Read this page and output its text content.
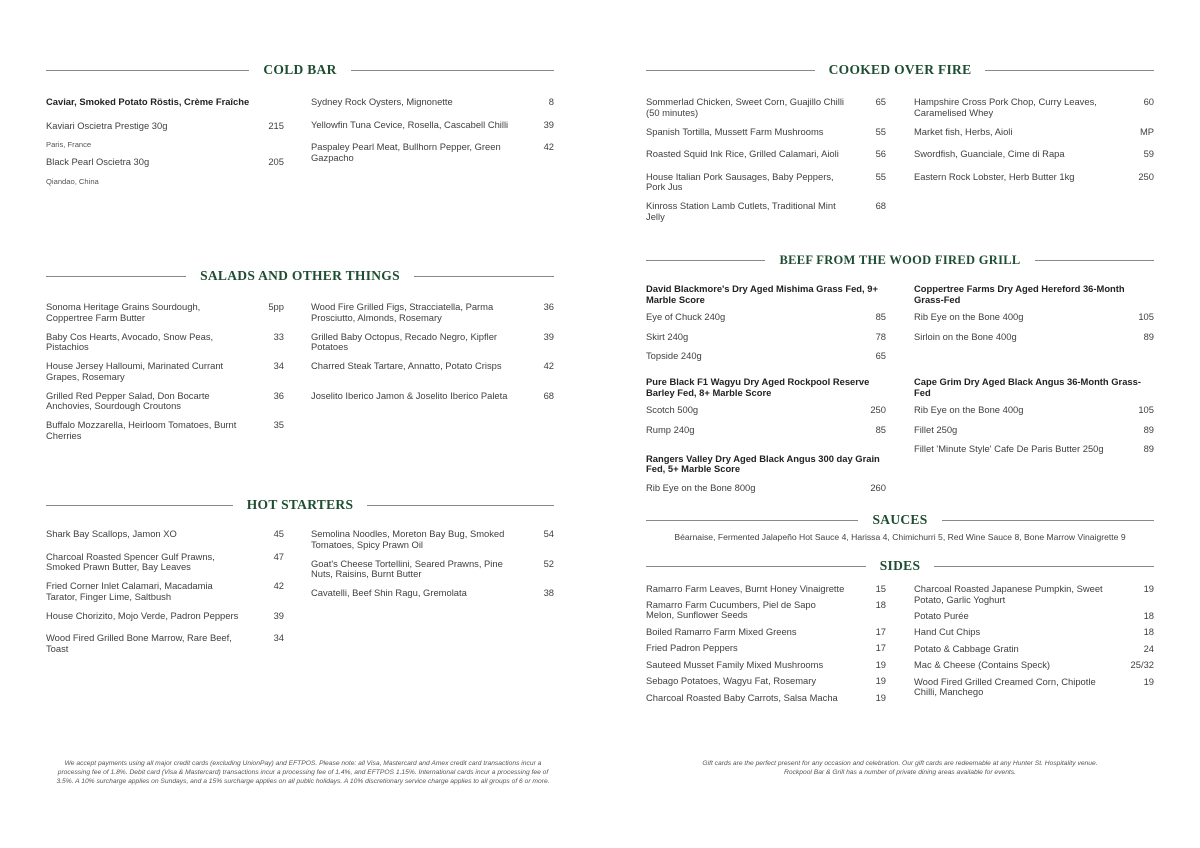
COLD BAR
Caviar, Smoked Potato Röstis, Crème Fraîche
Kaviari Oscietra Prestige 30g	215
Paris, France
Black Pearl Oscietra 30g	205
Qiandao, China
Sydney Rock Oysters, Mignonette	8
Yellowfin Tuna Cevice, Rosella, Cascabell Chilli	39
Paspaley Pearl Meat, Bullhorn Pepper, Green Gazpacho
42
SALADS AND OTHER THINGS
Sonoma Heritage Grains Sourdough, Coppertree Farm Butter
5pp
Baby Cos Hearts, Avocado, Snow Peas, Pistachios
33
House Jersey Halloumi, Marinated Currant Grapes, Rosemary
34
Grilled Red Pepper Salad, Don Bocarte Anchovies, Sourdough Croutons
36
Buffalo Mozzarella, Heirloom Tomatoes, Burnt Cherries
35
Wood Fire Grilled Figs, Stracciatella, Parma Prosciutto, Almonds, Rosemary
36
Grilled Baby Octopus, Recado Negro, Kipfler Potatoes
39
Charred Steak Tartare, Annatto, Potato Crisps	42
Joselito Iberico Jamon & Joselito Iberico Paleta	68
HOT STARTERS
Shark Bay Scallops, Jamon XO	45
Charcoal Roasted Spencer Gulf Prawns, Smoked Prawn Butter, Bay Leaves
47
Fried Corner Inlet Calamari, Macadamia Tarator, Finger Lime, Saltbush
42
House Chorizito, Mojo Verde, Padron Peppers	39
Wood Fired Grilled Bone Marrow, Rare Beef, Toast
34
Semolina Noodles, Moreton Bay Bug, Smoked Tomatoes, Spicy Prawn Oil
54
Goat's Cheese Tortellini, Seared Prawns, Pine Nuts, Raisins, Burnt Butter
52
Cavatelli, Beef Shin Ragu, Gremolata	38
We accept payments using all major credit cards (excluding UnionPay) and EFTPOS. Please note: all Visa, Mastercard and Amex credit card transactions incur a processing fee of 1.8%. Debit card (Visa & Mastercard) transactions incur a processing fee of 1.4%, and EFTPOS 1.15%. International cards incur a processing fee of 3.5%. A 10% surcharge applies on Sundays, and a 15% surcharge applies on all public holidays. A 10% discretionary service charge applies to all groups of 6 or more.
COOKED OVER FIRE
Sommerlad Chicken, Sweet Corn, Guajillo Chilli (50 minutes)
65
Spanish Tortilla, Mussett Farm Mushrooms	55
Roasted Squid Ink Rice, Grilled Calamari, Aioli	56
House Italian Pork Sausages, Baby Peppers, Pork Jus
55
Kinross Station Lamb Cutlets, Traditional Mint Jelly
68
Hampshire Cross Pork Chop, Curry Leaves, Caramelised Whey
60
Market fish, Herbs, Aioli	MP
Swordfish, Guanciale, Cime di Rapa	59
Eastern Rock Lobster, Herb Butter 1kg	250
BEEF FROM THE WOOD FIRED GRILL
David Blackmore's Dry Aged Mishima Grass Fed, 9+ Marble Score
Eye of Chuck 240g	85
Skirt 240g	78
Topside 240g	65
Pure Black F1 Wagyu Dry Aged Rockpool Reserve Barley Fed, 8+ Marble Score
Scotch 500g	250
Rump 240g	85
Rangers Valley Dry Aged Black Angus 300 day Grain Fed, 5+ Marble Score
Rib Eye on the Bone 800g	260
Coppertree Farms Dry Aged Hereford 36-Month Grass-Fed
Rib Eye on the Bone 400g	105
Sirloin on the Bone 400g	89
Cape Grim Dry Aged Black Angus 36-Month Grass-Fed
Rib Eye on the Bone 400g	105
Fillet 250g	89
Fillet 'Minute Style' Cafe De Paris Butter 250g	89
SAUCES
Béarnaise, Fermented Jalapeño Hot Sauce 4, Harissa 4, Chimichurri 5, Red Wine Sauce 8, Bone Marrow Vinaigrette 9
SIDES
Ramarro Farm Leaves, Burnt Honey Vinaigrette	15
Ramarro Farm Cucumbers, Piel de Sapo Melon, Sunflower Seeds
18
Boiled Ramarro Farm Mixed Greens	17
Fried Padron Peppers	17
Sauteed Musset Family Mixed Mushrooms	19
Sebago Potatoes, Wagyu Fat, Rosemary	19
Charcoal Roasted Baby Carrots, Salsa Macha	19
Charcoal Roasted Japanese Pumpkin, Sweet Potato, Garlic Yoghurt
19
Potato Purée	18
Hand Cut Chips	18
Potato & Cabbage Gratin	24
Mac & Cheese (Contains Speck)	25/32
Wood Fired Grilled Creamed Corn, Chipotle Chilli, Manchego
19
Gift cards are the perfect present for any occasion and celebration. Our gift cards are redeemable at any Hunter St. Hospitality venue. Rockpool Bar & Grill has a number of private dining areas available for events.
